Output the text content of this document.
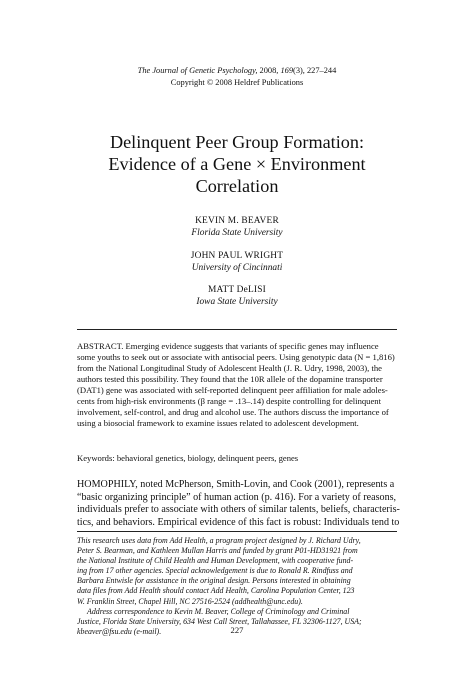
The Journal of Genetic Psychology, 2008, 169(3), 227–244
Copyright © 2008 Heldref Publications
Delinquent Peer Group Formation:
Evidence of a Gene × Environment
Correlation
KEVIN M. BEAVER
Florida State University
JOHN PAUL WRIGHT
University of Cincinnati
MATT DeLISI
Iowa State University
ABSTRACT. Emerging evidence suggests that variants of specific genes may influence
some youths to seek out or associate with antisocial peers. Using genotypic data (N = 1,816)
from the National Longitudinal Study of Adolescent Health (J. R. Udry, 1998, 2003), the
authors tested this possibility. They found that the 10R allele of the dopamine transporter
(DAT1) gene was associated with self-reported delinquent peer affiliation for male adoles-
cents from high-risk environments (β range = .13–.14) despite controlling for delinquent
involvement, self-control, and drug and alcohol use. The authors discuss the importance of
using a biosocial framework to examine issues related to adolescent development.
Keywords: behavioral genetics, biology, delinquent peers, genes
HOMOPHILY, noted McPherson, Smith-Lovin, and Cook (2001), represents a
“basic organizing principle” of human action (p. 416). For a variety of reasons,
individuals prefer to associate with others of similar talents, beliefs, characteris-
tics, and behaviors. Empirical evidence of this fact is robust: Individuals tend to
This research uses data from Add Health, a program project designed by J. Richard Udry,
Peter S. Bearman, and Kathleen Mullan Harris and funded by grant P01-HD31921 from
the National Institute of Child Health and Human Development, with cooperative fund-
ing from 17 other agencies. Special acknowledgement is due to Ronald R. Rindfuss and
Barbara Entwisle for assistance in the original design. Persons interested in obtaining
data files from Add Health should contact Add Health, Carolina Population Center, 123
W. Franklin Street, Chapel Hill, NC 27516-2524 (addhealth@unc.edu).
Address correspondence to Kevin M. Beaver, College of Criminology and Criminal
Justice, Florida State University, 634 West Call Street, Tallahassee, FL 32306-1127, USA;
kbeaver@fsu.edu (e-mail).	227
